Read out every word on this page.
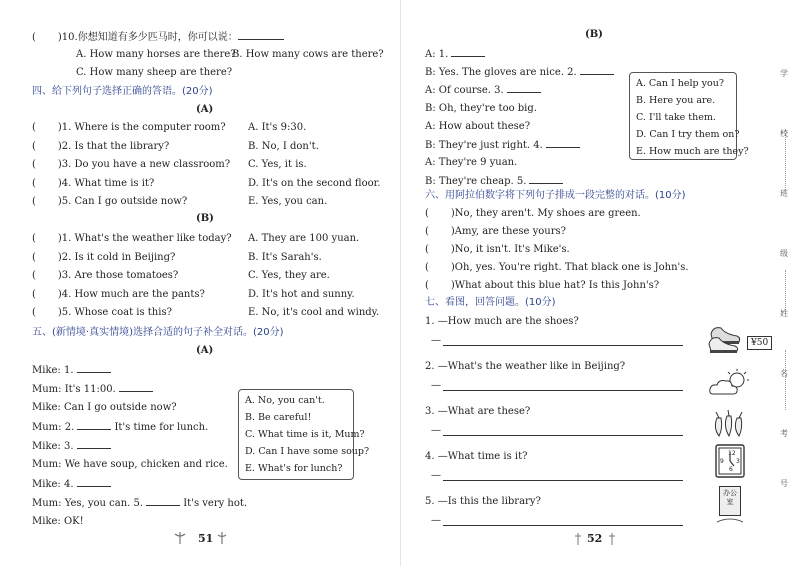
( )10.你想知道有多少匹马时，你可以说：
A. How many horses are there?
B. How many cows are there?
C. How many sheep are there?
四、给下列句子选择正确的答语。(20分)
(A)
( )1. Where is the computer room? A. It's 9:30.
( )2. Is that the library?	B. No, I don't.
( )3. Do you have a new classroom? C. Yes, it is.
( )4. What time is it?	D. It's on the second floor.
( )5. Can I go outside now?	E. Yes, you can.
(B)
( )1. What's the weather like today? A. They are 100 yuan.
( )2. Is it cold in Beijing?	B. It's Sarah's.
( )3. Are those tomatoes?	C. Yes, they are.
( )4. How much are the pants?	D. It's hot and sunny.
( )5. Whose coat is this?	E. No, it's cool and windy.
五、(新情境·真实情境)选择合适的句子补全对话。(20分)
(A)
Mike: 1.
Mum: It's 11:00.
Mike: Can I go outside now?
Mum: 2.	It's time for lunch.
Mike: 3.
Mum: We have soup, chicken and rice.
Mike: 4.
Mum: Yes, you can. 5.	It's very hot.
Mike: OK!
A. No, you can't.
B. Be careful!
C. What time is it, Mum?
D. Can I have some soup?
E. What's for lunch?
51
(B)
A: 1.
B: Yes. The gloves are nice. 2.
A: Of course. 3.
B: Oh, they're too big.
A: How about these?
B: They're just right. 4.
A: They're 9 yuan.
B: They're cheap. 5.
A. Can I help you?
B. Here you are.
C. I'll take them.
D. Can I try them on?
E. How much are they?
六、用阿拉伯数字将下列句子排成一段完整的对话。(10分)
( )No, they aren't. My shoes are green.
( )Amy, are these yours?
( )No, it isn't. It's Mike's.
( )Oh, yes. You're right. That black one is John's.
( )What about this blue hat? Is this John's?
七、看图，回答问题。(10分)
1. —How much are the shoes?
—
2. —What's the weather like in Beijing?
—
3. —What are these?
—
4. —What time is it?
—
5. —Is this the library?
—
¥50
12
9 3
6
办公室
52
学
校
班
级
姓
名
考
号
